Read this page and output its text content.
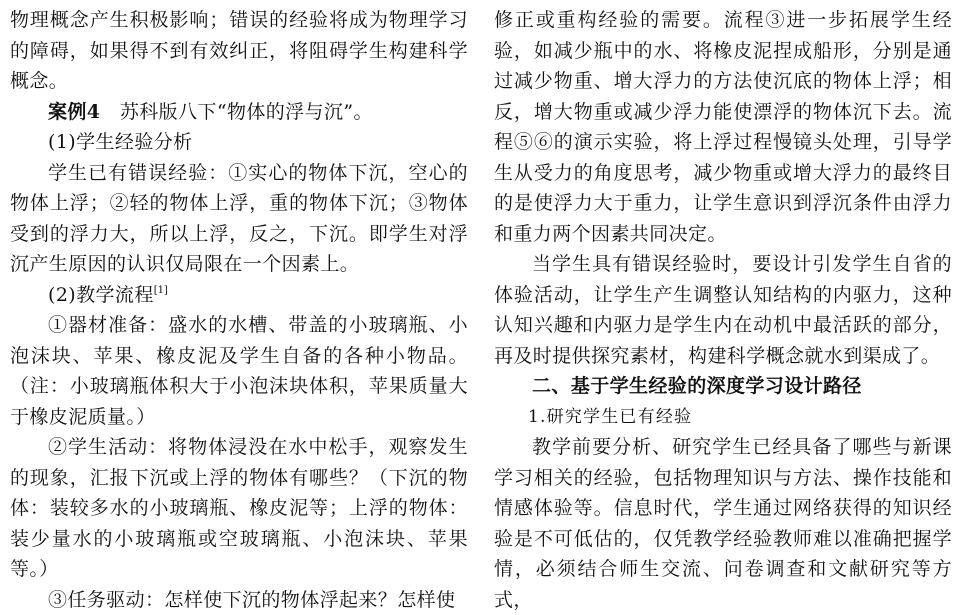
物理概念产生积极影响；错误的经验将成为物理学习的障碍，如果得不到有效纠正，将阻碍学生构建科学概念。

案例4　 苏科版八下“物体的浮与沉”。

(1)学生经验分析

学生已有错误经验：①实心的物体下沉，空心的物体上浮；②轻的物体上浮，重的物体下沉；③物体受到的浮力大，所以上浮，反之，下沉。即学生对浮沉产生原因的认识仅局限在一个因素上。

(2)教学流程[1]

①器材准备：盛水的水槽、带盖的小玻璃瓶、小泡沫块、苹果、橡皮泥及学生自备的各种小物品。（注：小玻璃瓶体积大于小泡沫块体积，苹果质量大于橡皮泥质量。）

②学生活动：将物体浸没在水中松手，观察发生的现象，汇报下沉或上浮的物体有哪些？（下沉的物体：装较多水的小玻璃瓶、橡皮泥等；上浮的物体：装少量水的小玻璃瓶或空玻璃瓶、小泡沫块、苹果等。）

③任务驱动：怎样使下沉的物体浮起来？怎样使

修正或重构经验的需要。流程③进一步拓展学生经验，如减少瓶中的水、将橡皮泥捏成船形，分别是通过减少物重、增大浮力的方法使沉底的物体上浮；相反，增大物重或减少浮力能使漂浮的物体沉下去。流程⑤⑥的演示实验，将上浮过程慢镜头处理，引导学生从受力的角度思考，减少物重或增大浮力的最终目的是使浮力大于重力，让学生意识到浮沉条件由浮力和重力两个因素共同决定。

当学生具有错误经验时，要设计引发学生自省的体验活动，让学生产生调整认知结构的内驱力，这种认知兴趣和内驱力是学生内在动机中最活跃的部分，再及时提供探究素材，构建科学概念就水到渠成了。

二、基于学生经验的深度学习设计路径

1.研究学生已有经验

教学前要分析、研究学生已经具备了哪些与新课学习相关的经验，包括物理知识与方法、操作技能和情感体验等。信息时代，学生通过网络获得的知识经验是不可低估的，仅凭教学经验教师难以准确把握学情，必须结合师生交流、问卷调查和文献研究等方式，
